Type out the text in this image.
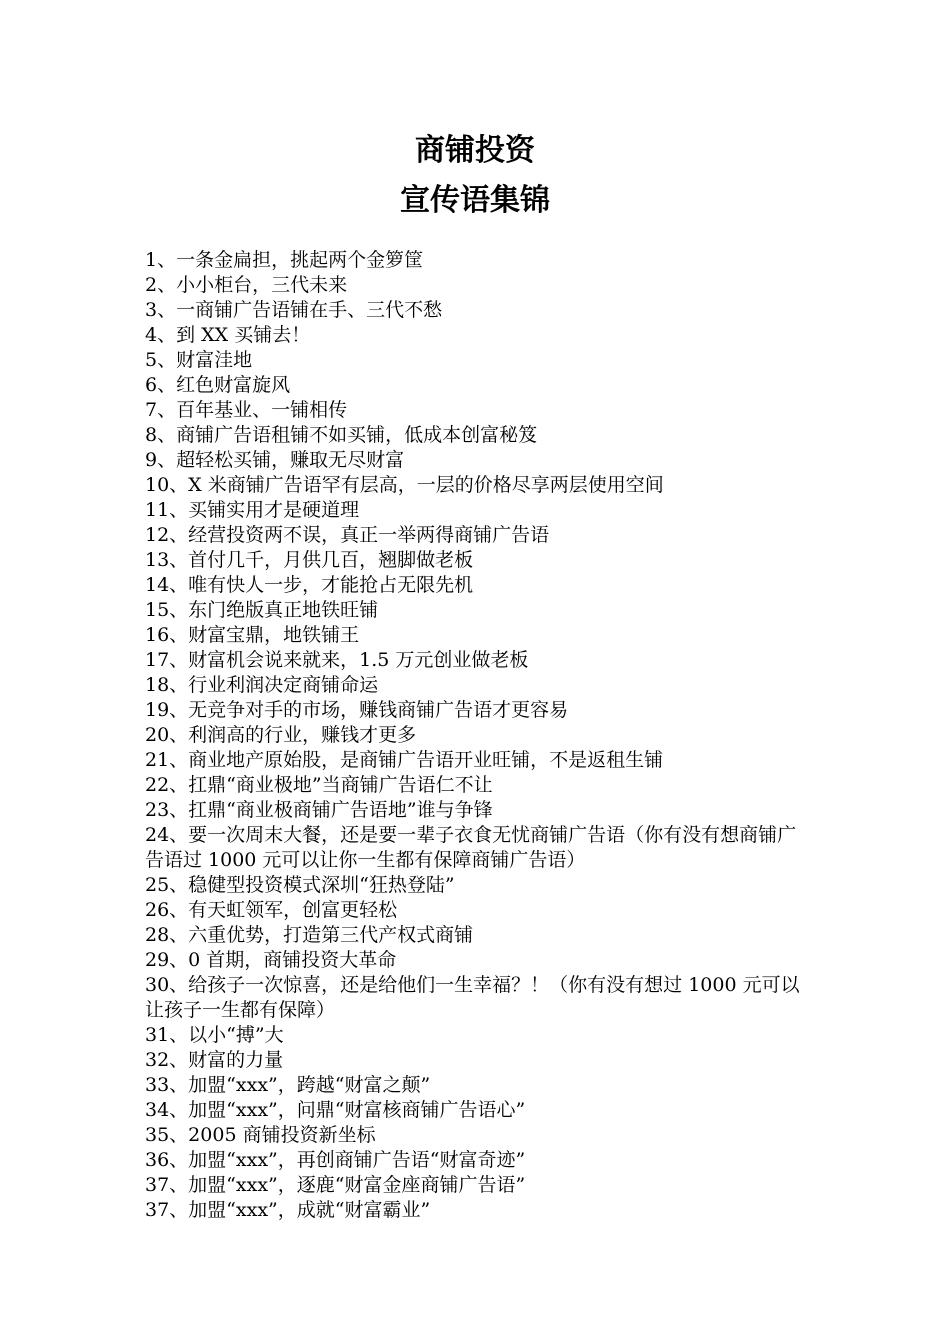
商铺投资

宣传语集锦

1、一条金扁担，挑起两个金箩筐
2、小小柜台，三代未来
3、一商铺广告语铺在手、三代不愁
4、到 XX 买铺去！
5、财富洼地
6、红色财富旋风
7、百年基业、一铺相传
8、商铺广告语租铺不如买铺，低成本创富秘笈
9、超轻松买铺，赚取无尽财富
10、X 米商铺广告语罕有层高，一层的价格尽享两层使用空间
11、买铺实用才是硬道理
12、经营投资两不误，真正一举两得商铺广告语
13、首付几千，月供几百，翘脚做老板
14、唯有快人一步，才能抢占无限先机
15、东门绝版真正地铁旺铺
16、财富宝鼎，地铁铺王
17、财富机会说来就来，1.5 万元创业做老板
18、行业利润决定商铺命运
19、无竞争对手的市场，赚钱商铺广告语才更容易
20、利润高的行业，赚钱才更多
21、商业地产原始股，是商铺广告语开业旺铺，不是返租生铺
22、扛鼎“商业极地”当商铺广告语仁不让
23、扛鼎“商业极商铺广告语地”谁与争锋
24、要一次周末大餐，还是要一辈子衣食无忧商铺广告语（你有没有想商铺广告语过 1000 元可以让你一生都有保障商铺广告语）
25、稳健型投资模式深圳“狂热登陆”
26、有天虹领军，创富更轻松
28、六重优势，打造第三代产权式商铺
29、0 首期，商铺投资大革命
30、给孩子一次惊喜，还是给他们一生幸福？！（你有没有想过 1000 元可以让孩子一生都有保障）
31、以小“搏”大
32、财富的力量
33、加盟“xxx”，跨越“财富之颠”
34、加盟“xxx”，问鼎“财富核商铺广告语心”
35、2005 商铺投资新坐标
36、加盟“xxx”，再创商铺广告语“财富奇迹”
37、加盟“xxx”，逐鹿“财富金座商铺广告语”
37、加盟“xxx”，成就“财富霸业”
